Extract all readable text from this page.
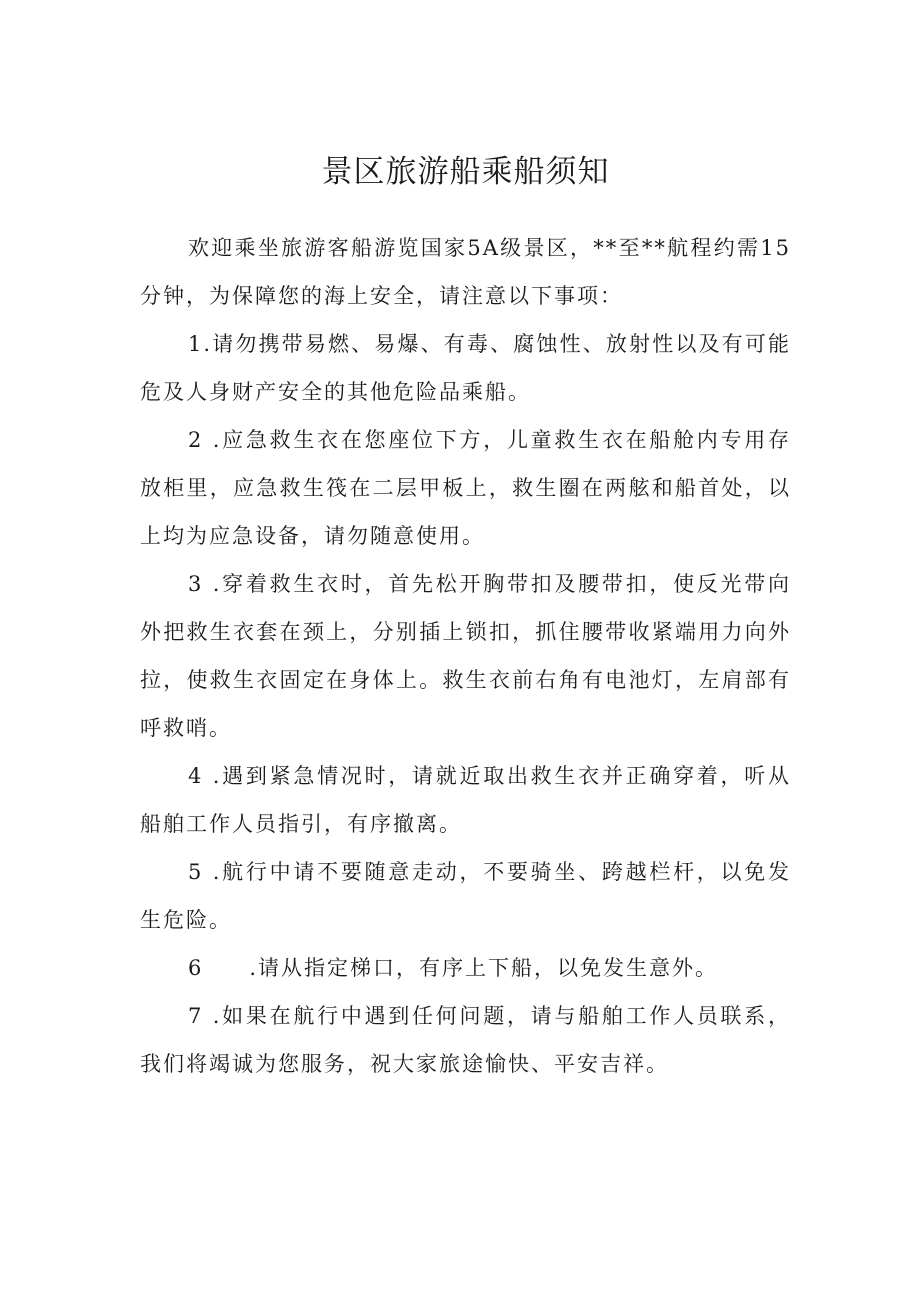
景区旅游船乘船须知

欢迎乘坐旅游客船游览国家5A级景区，**至**航程约需15分钟，为保障您的海上安全，请注意以下事项：

1.请勿携带易燃、易爆、有毒、腐蚀性、放射性以及有可能危及人身财产安全的其他危险品乘船。

2 .应急救生衣在您座位下方，儿童救生衣在船舱内专用存放柜里，应急救生筏在二层甲板上，救生圈在两舷和船首处，以上均为应急设备，请勿随意使用。

3 .穿着救生衣时，首先松开胸带扣及腰带扣，使反光带向外把救生衣套在颈上，分别插上锁扣，抓住腰带收紧端用力向外拉，使救生衣固定在身体上。救生衣前右角有电池灯，左肩部有呼救哨。

4 .遇到紧急情况时，请就近取出救生衣并正确穿着，听从船舶工作人员指引，有序撤离。

5 .航行中请不要随意走动，不要骑坐、跨越栏杆，以免发生危险。

6　　.请从指定梯口，有序上下船，以免发生意外。

7 .如果在航行中遇到任何问题，请与船舶工作人员联系，我们将竭诚为您服务，祝大家旅途愉快、平安吉祥。
